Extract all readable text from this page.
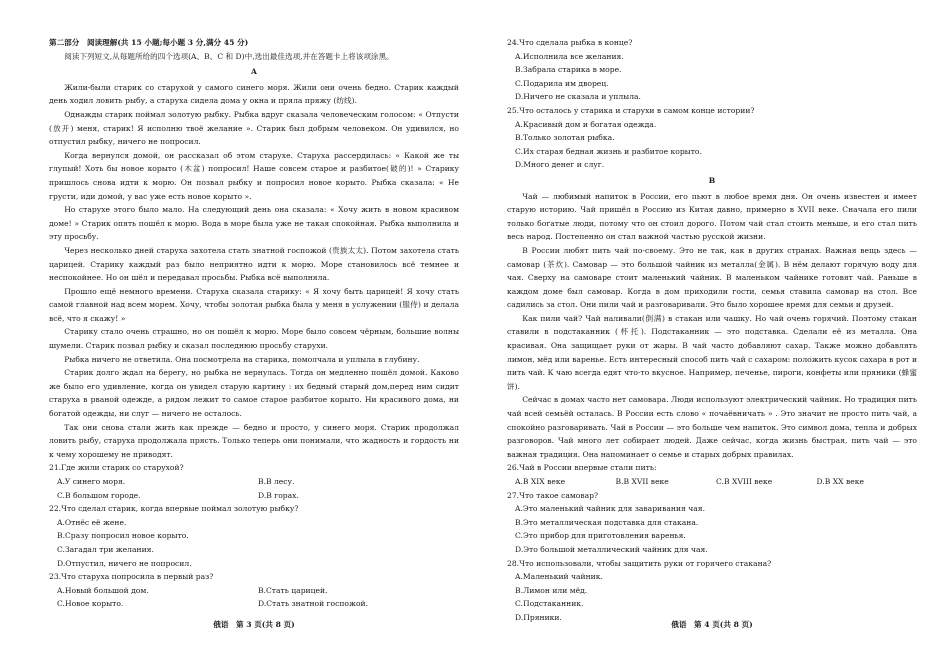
第二部分　阅读理解(共 15 小题;每小题 3 分,满分 45 分)

阅读下列短文,从每题所给的四个选项(A、B、C 和 D)中,选出最佳选项,并在答题卡上将该项涂黑。

A

Жили-были старик со старухой у самого синего моря. Жили они очень бедно. Старик каждый день ходил ловить рыбу, а старуха сидела дома у окна и пряла пряжу (纺线).

Однажды старик поймал золотую рыбку. Рыбка вдруг сказала человеческим голосом: « Отпусти (放开) меня, старик! Я исполню твоё желание ». Старик был добрым человеком. Он удивился, но отпустил рыбку, ничего не попросил.

Когда вернулся домой, он рассказал об этом старухе. Старуха рассердилась: « Какой же ты глупый! Хоть бы новое корыто (木盆) попросил! Наше совсем старое и разбитое(破的)! » Старику пришлось снова идти к морю. Он позвал рыбку и попросил новое корыто. Рыбка сказала: « Не грусти, иди домой, у вас уже есть новое корыто ».

Но старухе этого было мало. На следующий день она сказала: « Хочу жить в новом красивом доме! » Старик опять пошёл к морю. Вода в море была уже не такая спокойная. Рыбка выполнила и эту просьбу.

Через несколько дней старуха захотела стать знатной госпожой (贵族太太). Потом захотела стать царицей. Старику каждый раз было неприятно идти к морю. Море становилось всё темнее и неспокойнее. Но он шёл и передавал просьбы. Рыбка всё выполняла.

Прошло ещё немного времени. Старуха сказала старику: « Я хочу быть царицей! Я хочу стать самой главной над всем морем. Хочу, чтобы золотая рыбка была у меня в услужении (服侍) и делала всё, что я скажу! »

Старику стало очень страшно, но он пошёл к морю. Море было совсем чёрным, большие волны шумели. Старик позвал рыбку и сказал последнюю просьбу старухи.

Рыбка ничего не ответила. Она посмотрела на старика, помолчала и уплыла в глубину.

Старик долго ждал на берегу, но рыбка не вернулась. Тогда он медленно пошёл домой. Каково же было его удивление, когда он увидел старую картину : их бедный старый дом,перед ним сидит старуха в рваной одежде, а рядом лежит то самое старое разбитое корыто. Ни красивого дома, ни богатой одежды, ни слуг — ничего не осталось.

Так они снова стали жить как прежде — бедно и просто, у синего моря. Старик продолжал ловить рыбу, старуха продолжала прясть. Только теперь они понимали, что жадность и гордость ни к чему хорошему не приводят.

21.Где жили старик со старухой?

A.У синего моря.	B.В лесу.
C.В большом городе.	D.В горах.

22.Что сделал старик, когда впервые поймал золотую рыбку?

A.Отнёс её жене.

B.Сразу попросил новое корыто.

C.Загадал три желания.

D.Отпустил, ничего не попросил.

23.Что старуха попросила в первый раз?

A.Новый большой дом.	B.Стать царицей.
C.Новое корыто.	D.Стать знатной госпожой.

24.Что сделала рыбка в конце?

A.Исполнила все желания.

B.Забрала старика в море.

C.Подарила им дворец.

D.Ничего не сказала и уплыла.

25.Что осталось у старика и старухи в самом конце истории?

A.Красивый дом и богатая одежда.

B.Только золотая рыбка.

C.Их старая бедная жизнь и разбитое корыто.

D.Много денег и слуг.

B

Чай — любимый напиток в России, его пьют в любое время дня. Он очень известен и имеет старую историю. Чай пришёл в Россию из Китая давно, примерно в XVII веке. Сначала его пили только богатые люди, потому что он стоил дорого. Потом чай стал стоить меньше, и его стал пить весь народ. Постепенно он стал важной частью русской жизни.

В России любят пить чай по-своему. Это не так, как в других странах. Важная вещь здесь — самовар (茶炊). Самовар — это большой чайник из металла(金属). В нём делают горячую воду для чая. Сверху на самоваре стоит маленький чайник. В маленьком чайнике готовят чай. Раньше в каждом доме был самовар. Когда в дом приходили гости, семья ставила самовар на стол. Все садились за стол. Они пили чай и разговаривали. Это было хорошее время для семьи и друзей.

Как пили чай? Чай наливали(倒满) в стакан или чашку. Но чай очень горячий. Поэтому стакан ставили в подстаканник (杯托). Подстаканник — это подставка. Сделали её из металла. Она красивая. Она защищает руки от жары. В чай часто добавляют сахар. Также можно добавлять лимон, мёд или варенье. Есть интересный способ пить чай с сахаром: положить кусок сахара в рот и пить чай. К чаю всегда едят что-то вкусное. Например, печенье, пироги, конфеты или пряники (蜂蜜饼).

Сейчас в домах часто нет самовара. Люди используют электрический чайник. Но традиция пить чай всей семьёй осталась. В России есть слово « почаёвничать » . Это значит не просто пить чай, а спокойно разговаривать. Чай в России — это больше чем напиток. Это символ дома, тепла и добрых разговоров. Чай много лет собирает людей. Даже сейчас, когда жизнь быстрая, пить чай — это важная традиция. Она напоминает о семье и старых добрых правилах.

26.Чай в России впервые стали пить:

A.В XIX веке	B.В XVII веке	C.В XVIII веке	D.В XX веке

27.Что такое самовар?

A.Это маленький чайник для заваривания чая.

B.Это металлическая подставка для стакана.

C.Это прибор для приготовления варенья.

D.Это большой металлический чайник для чая.

28.Что использовали, чтобы защитить руки от горячего стакана?

A.Маленький чайник.

B.Лимон или мёд.

C.Подстаканник.

D.Пряники.

俄语　第 3 页(共 8 页)	俄语　第 4 页(共 8 页)
